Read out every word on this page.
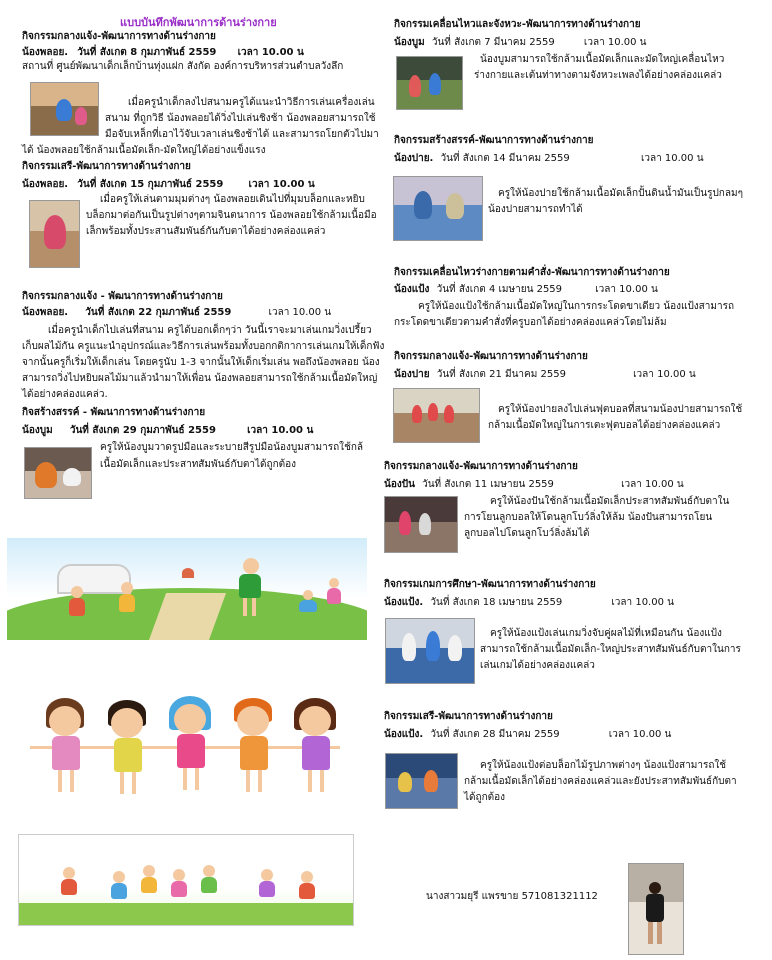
แบบบันทึกพัฒนาการด้านร่างกาย
กิจกรรมกลางแจ้ง-พัฒนาการทางด้านร่างกาย
น้องพลอย. วันที่ สังเกต 8 กุมภาพันธ์ 2559 เวลา 10.00 น
สถานที่ ศูนย์พัฒนาเด็กเล็กบ้านทุ่งแฝก สังกัด องค์การบริหารส่วนตำบลวังลึก
เมื่อครูนำเด็กลงไปสนามครูได้แนะนำวิธีการเล่นเครื่องเล่น
สนาม ที่ถูกวิธี น้องพลอยได้วิ่งไปเล่นชิงช้า น้องพลอยสามารถใช้
มือจับเหล็กที่เอาไว้จับเวลาเล่นชิงช้าได้ และสามารถโยกตัวไปมา
ได้ น้องพลอยใช้กล้ามเนื้อมัดเล็ก-มัดใหญ่ได้อย่างแข็งแรง
กิจกรรมเสรี-พัฒนาการทางด้านร่างกาย
น้องพลอย. วันที่ สังเกต 15 กุมภาพันธ์ 2559	เวลา 10.00 น
เมื่อครูให้เล่นตามมุมต่างๆ น้องพลอยเดินไปที่มุมบล็อกและหยิบ
บล็อกมาต่อกันเป็นรูปต่างๆตามจินตนาการ น้องพลอยใช้กล้ามเนื้อมือ
เล็กพร้อมทั้งประสานสัมพันธ์กันกับตาได้อย่างคล่องแคล่ว
กิจกรรมกลางแจ้ง - พัฒนาการทางด้านร่างกาย
น้องพลอย. วันที่ สังเกต 22 กุมภาพันธ์ 2559	เวลา 10.00 น
เมื่อครูนำเด็กไปเล่นที่สนาม ครูได้บอกเด็กๆว่า วันนี้เราจะมาเล่นเกมวิ่งเปรี้ยว
เก็บผลไม้กัน ครูแนะนำอุปกรณ์และวิธีการเล่นพร้อมทั้งบอกกติกาการเล่นเกมให้เด็กฟัง
จากนั้นครูก็เริ่มให้เด็กเล่น โดยครูนับ 1-3 จากนั้นให้เด็กเริ่มเล่น พอถึงน้องพลอย น้อง
สามารถวิ่งไปหยิบผลไม้มาแล้วนำมาให้เพื่อน น้องพลอยสามารถใช้กล้ามเนื้อมัดใหญ่
ได้อย่างคล่องแคล่ว.
กิจสร้างสรรค์ - พัฒนาการทางด้านร่างกาย
น้องบูม วันที่ สังเกต 29 กุมภาพันธ์ 2559	เวลา 10.00 น
ครูให้น้องบูมวาดรูปมือและระบายสีรูปมือน้องบูมสามารถใช้กล้
เนื้อมัดเล็กและประสาทสัมพันธ์กับตาได้ถูกต้อง
กิจกรรมเคลื่อนไหวและจังหวะ-พัฒนาการทางด้านร่างกาย
น้องบูม วันที่ สังเกต 7 มีนาคม 2559	เวลา 10.00 น
น้องบูมสามารถใช้กล้ามเนื้อมัดเล็กและมัดใหญ่เคลื่อนไหว
ร่างกายและเต้นท่าทางตามจังหวะเพลงได้อย่างคล่องแคล่ว
กิจกรรมสร้างสรรค์-พัฒนาการทางด้านร่างกาย
น้องปาย. วันที่ สังเกต 14 มีนาคม 2559	เวลา 10.00 น
ครูให้น้องปายใช้กล้ามเนื้อมัดเล็กปั้นดินน้ำมันเป็นรูปกลมๆ
น้องปายสามารถทำได้
กิจกรรมเคลื่อนไหวร่างกายตามคำสั่ง-พัฒนาการทางด้านร่างกาย
น้องแป้ง วันที่ สังเกต 4 เมษายน 2559	เวลา 10.00 น
ครูให้น้องแป้งใช้กล้ามเนื้อมัดใหญ่ในการกระโดดขาเดียว น้องแป้งสามารถ
กระโดดขาเดียวตามคำสั่งที่ครูบอกได้อย่างคล่องแคล่วโดยไม่ล้ม
กิจกรรมกลางแจ้ง-พัฒนาการทางด้านร่างกาย
น้องปาย วันที่ สังเกต 21 มีนาคม 2559	เวลา 10.00 น
ครูให้น้องปายลงไปเล่นฟุตบอลที่สนามน้องปายสามารถใช้
กล้ามเนื้อมัดใหญ่ในการเตะฟุตบอลได้อย่างคล่องแคล่ว
กิจกรรมกลางแจ้ง-พัฒนาการทางด้านร่างกาย
น้องปัน วันที่ สังเกต 11 เมษายน 2559	เวลา 10.00 น
ครูให้น้องปันใช้กล้ามเนื้อมัดเล็กประสาทสัมพันธ์กับตาใน
การโยนลูกบอลให้โดนลูกโบว์ลิ่งให้ล้ม น้องปันสามารถโยน
ลูกบอลไปโดนลูกโบว์ลิ่งล้มได้
กิจกรรมเกมการศึกษา-พัฒนาการทางด้านร่างกาย
น้องแป้ง. วันที่ สังเกต 18 เมษายน 2559	เวลา 10.00 น
ครูให้น้องแป้งเล่นเกมวิ่งจับคู่ผลไม้ที่เหมือนกัน น้องแป้ง
สามารถใช้กล้ามเนื้อมัดเล็ก-ใหญ่ประสาทสัมพันธ์กับตาในการ
เล่นเกมได้อย่างคล่องแคล่ว
กิจกรรมเสรี-พัฒนาการทางด้านร่างกาย
น้องแป้ง. วันที่ สังเกต 28 มีนาคม 2559	เวลา 10.00 น
ครูให้น้องแป้งต่อบล็อกไม้รูปภาพต่างๆ น้องแป้งสามารถใช้
กล้ามเนื้อมัดเล็กได้อย่างคล่องแคล่วและยังประสาทสัมพันธ์กับตา
ได้ถูกต้อง
นางสาวมยุรี แพรขาย 571081321112
